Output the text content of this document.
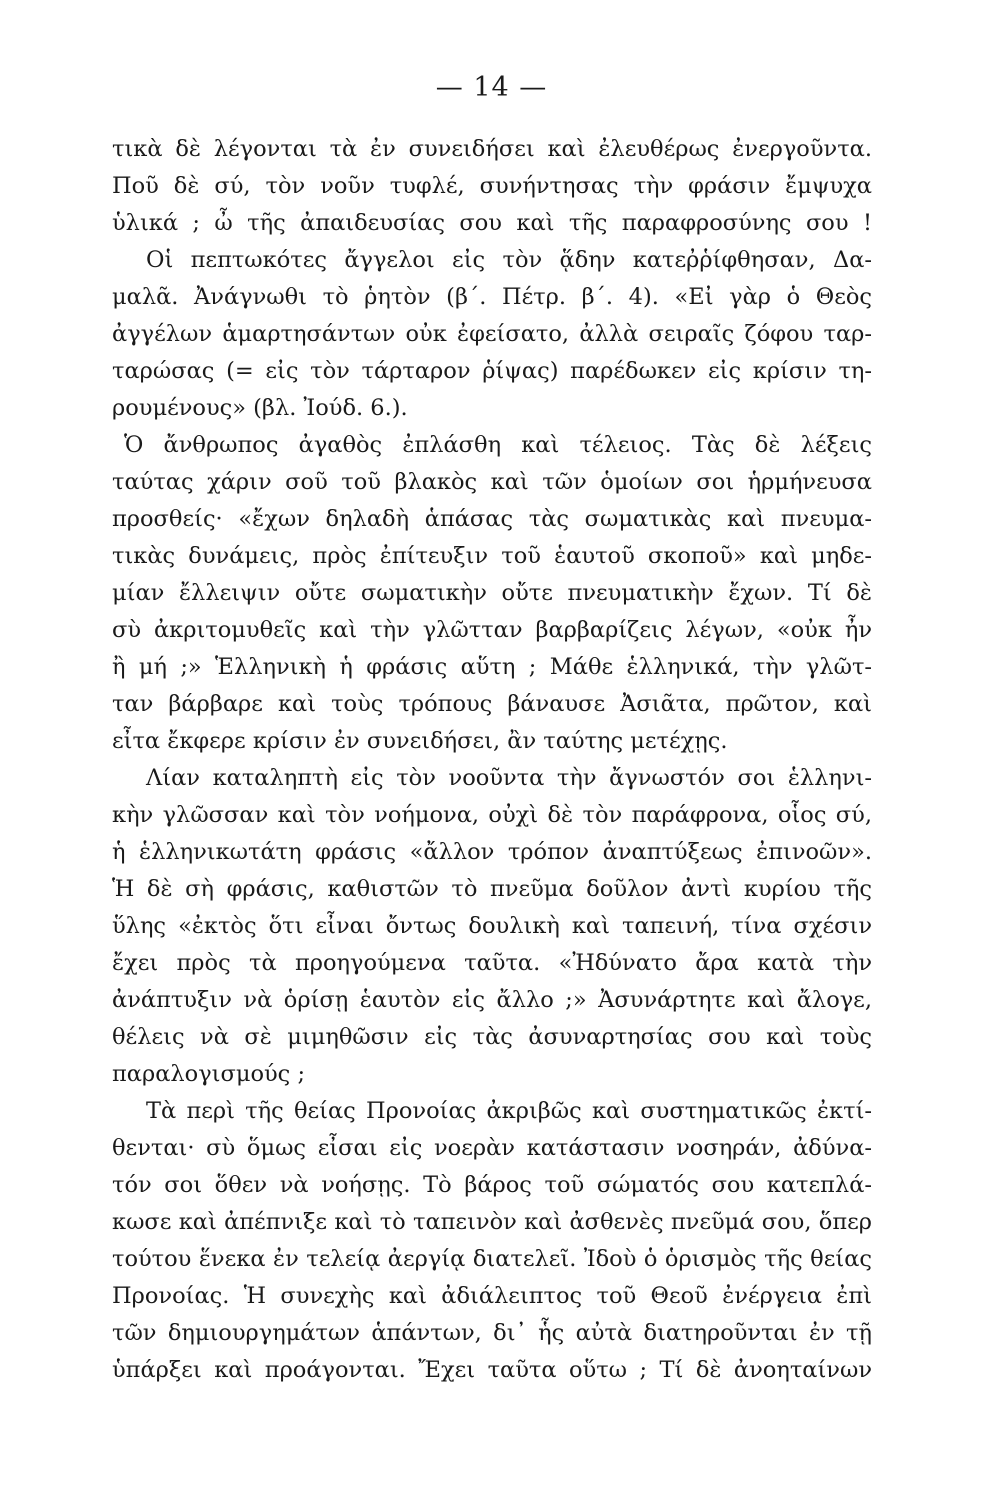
— 14 —
τικὰ δὲ λέγονται τὰ ἐν συνειδήσει καὶ ἐλευθέρως ἐνεργοῦντα.
Ποῦ δὲ σύ, τὸν νοῦν τυφλέ, συνήντησας τὴν φράσιν ἔμψυχα
ὑλικά ; ὦ τῆς ἀπαιδευσίας σου καὶ τῆς παραφροσύνης σου !
Οἱ πεπτωκότες ἄγγελοι εἰς τὸν ᾅδην κατεῤῥίφθησαν, Δα-
μαλᾶ. Ἀνάγνωθι τὸ ῥητὸν (β΄. Πέτρ. β΄. 4). «Εἰ γὰρ ὁ Θεὸς
ἀγγέλων ἁμαρτησάντων οὐκ ἐφείσατο, ἀλλὰ σειραῖς ζόφου ταρ-
ταρώσας (= εἰς τὸν τάρταρον ῥίψας) παρέδωκεν εἰς κρίσιν τη-
ρουμένους» (βλ. Ἰούδ. 6.).
Ὁ ἄνθρωπος ἀγαθὸς ἐπλάσθη καὶ τέλειος. Τὰς δὲ λέξεις
ταύτας χάριν σοῦ τοῦ βλακὸς καὶ τῶν ὁμοίων σοι ἡρμήνευσα
προσθείς· «ἔχων δηλαδὴ ἁπάσας τὰς σωματικὰς καὶ πνευμα-
τικὰς δυνάμεις, πρὸς ἐπίτευξιν τοῦ ἑαυτοῦ σκοποῦ» καὶ μηδε-
μίαν ἔλλειψιν οὔτε σωματικὴν οὔτε πνευματικὴν ἔχων. Τί δὲ
σὺ ἀκριτομυθεῖς καὶ τὴν γλῶτταν βαρβαρίζεις λέγων, «οὐκ ἦν
ἢ μή ;» Ἑλληνικὴ ἡ φράσις αὕτη ; Μάθε ἑλληνικά, τὴν γλῶτ-
ταν βάρβαρε καὶ τοὺς τρόπους βάναυσε Ἀσιᾶτα, πρῶτον, καὶ
εἶτα ἔκφερε κρίσιν ἐν συνειδήσει, ἂν ταύτης μετέχῃς.
Λίαν καταληπτὴ εἰς τὸν νοοῦντα τὴν ἄγνωστόν σοι ἑλληνι-
κὴν γλῶσσαν καὶ τὸν νοήμονα, οὐχὶ δὲ τὸν παράφρονα, οἷος σύ,
ἡ ἑλληνικωτάτη φράσις «ἄλλον τρόπον ἀναπτύξεως ἐπινοῶν».
Ἡ δὲ σὴ φράσις, καθιστῶν τὸ πνεῦμα δοῦλον ἀντὶ κυρίου τῆς
ὕλης «ἐκτὸς ὅτι εἶναι ὄντως δουλικὴ καὶ ταπεινή, τίνα σχέσιν
ἔχει πρὸς τὰ προηγούμενα ταῦτα. «Ἠδύνατο ἄρα κατὰ τὴν
ἀνάπτυξιν νὰ ὁρίσῃ ἑαυτὸν εἰς ἄλλο ;» Ἀσυνάρτητε καὶ ἄλογε,
θέλεις νὰ σὲ μιμηθῶσιν εἰς τὰς ἀσυναρτησίας σου καὶ τοὺς
παραλογισμούς ;
Τὰ περὶ τῆς θείας Προνοίας ἀκριβῶς καὶ συστηματικῶς ἐκτί-
θενται· σὺ ὅμως εἶσαι εἰς νοερὰν κατάστασιν νοσηράν, ἀδύνα-
τόν σοι ὅθεν νὰ νοήσῃς. Τὸ βάρος τοῦ σώματός σου κατεπλά-
κωσε καὶ ἀπέπνιξε καὶ τὸ ταπεινὸν καὶ ἀσθενὲς πνεῦμά σου, ὅπερ
τούτου ἕνεκα ἐν τελείᾳ ἀεργίᾳ διατελεῖ. Ἰδοὺ ὁ ὁρισμὸς τῆς θείας
Προνοίας. Ἡ συνεχὴς καὶ ἀδιάλειπτος τοῦ Θεοῦ ἐνέργεια ἐπὶ
τῶν δημιουργημάτων ἁπάντων, δι᾿ ἧς αὐτὰ διατηροῦνται ἐν τῇ
ὑπάρξει καὶ προάγονται. Ἔχει ταῦτα οὕτω ; Τί δὲ ἀνοηταίνων
